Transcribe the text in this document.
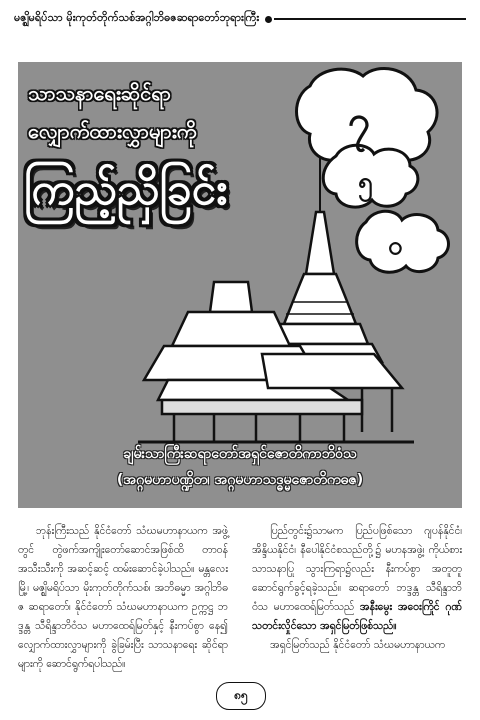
မဇ္ဈိမရိပ်သာ မိုးကုတ်တိုက်သစ်အဂ္ဂါဘိဓဇဆရာတော်ဘုရားကြီး
၇
၅
ဝ
သာသနာရေးဆိုင်ရာ
လျှောက်ထားလွှာများကို
ကြည့်ညှိခြင်း
ချမ်းသာကြီးဆရာတော်အရှင်ဇောတိကာဘိဝံသ
(အဂ္ဂမဟာပဏ္ဍိတ၊ အဂ္ဂမဟာသဒ္ဓမ္မဇောတိကဓဇ)

ဘုန်းကြီးသည် နိုင်ငံတော် သံဃမဟာနာယက အဖွဲ့တွင် တွဲဖက်အကျိုးတော်ဆောင်အဖြစ်ထိ တာဝန် အသီးသီးကို အဆင့်ဆင့် ထမ်းဆောင်ခဲ့ပါသည်။ မန္တလေးမြို့၊ မဇ္ဈိမရိပ်သာ မိုးကုတ်တိုက်သစ်၊ အဘိဓမ္မာ အဂ္ဂါဘိဓဇ ဆရာတော်၊ နိုင်ငံတော် သံဃမဟာနာယက ဥက္ကဋ္ဌ ဘဒ္ဒန္တ သီရိန္ဒာဘိဝံသ မဟာထေရ်မြတ်နှင့် နီးကပ်စွာ နေ၍ လျှောက်ထားလွှာများကို ခွဲခြမ်းပြီး သာသနာရေး ဆိုင်ရာ များကို ဆောင်ရွက်ရပါသည်။

ပြည်တွင်း၌သာမက ပြည်ပဖြစ်သော ဂျပန်နိုင်ငံ၊ အိန္ဒိယနိုင်ငံ၊ နီပေါနိုင်ငံစသည်တို့၌ မဟနအဖွဲ့၊ ကိုယ်စားသာသနာပြု သွားကြရာ၌လည်း နီးကပ်စွာ အတူတူ ဆောင်ရွက်ခွင့်ရခဲ့သည်။ ဆရာတော် ဘဒ္ဒန္တ သီရိန္ဒာဘိဝံသ မဟာထေရ်မြတ်သည် အနီးမွေး အဝေးကြိုင် ဂုဏ်သတင်းလှိုင်သော အရှင်မြတ်ဖြစ်သည်။

အရှင်မြတ်သည် နိုင်ငံတော် သံဃမဟာနာယက

၈၅
